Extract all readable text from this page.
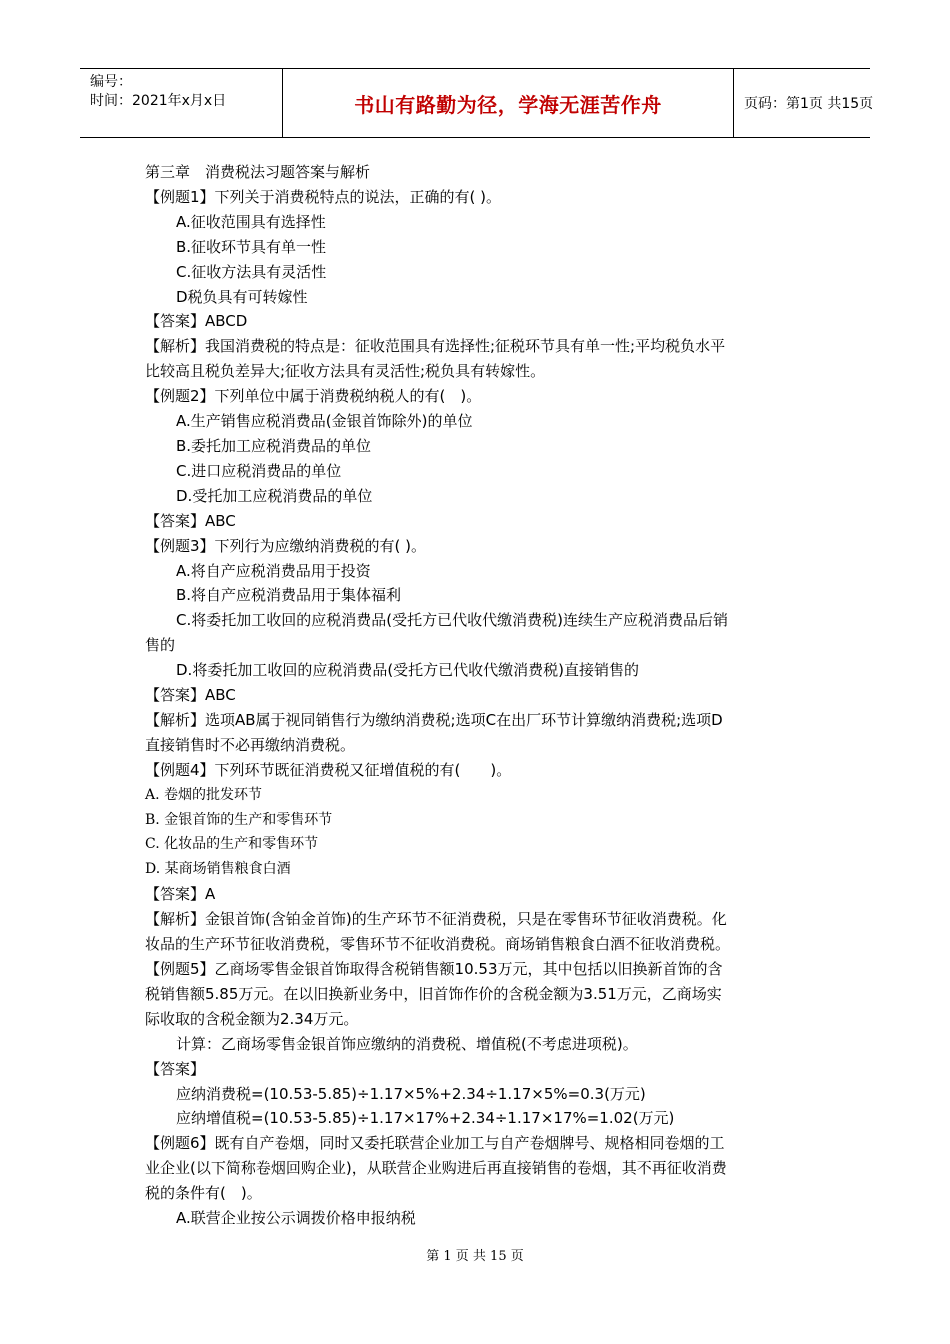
编号：
时间：2021年x月x日	书山有路勤为径，学海无涯苦作舟	页码：第1页 共15页

第三章　消费税法习题答案与解析

【例题1】下列关于消费税特点的说法，正确的有( )。

A.征收范围具有选择性

B.征收环节具有单一性

C.征收方法具有灵活性

D税负具有可转嫁性

【答案】ABCD

【解析】我国消费税的特点是：征收范围具有选择性;征税环节具有单一性;平均税负水平

比较高且税负差异大;征收方法具有灵活性;税负具有转嫁性。

【例题2】下列单位中属于消费税纳税人的有(　)。

A.生产销售应税消费品(金银首饰除外)的单位

B.委托加工应税消费品的单位

C.进口应税消费品的单位

D.受托加工应税消费品的单位

【答案】ABC

【例题3】下列行为应缴纳消费税的有( )。

A.将自产应税消费品用于投资

B.将自产应税消费品用于集体福利

C.将委托加工收回的应税消费品(受托方已代收代缴消费税)连续生产应税消费品后销

售的

D.将委托加工收回的应税消费品(受托方已代收代缴消费税)直接销售的

【答案】ABC

【解析】选项AB属于视同销售行为缴纳消费税;选项C在出厂环节计算缴纳消费税;选项D

直接销售时不必再缴纳消费税。

【例题4】下列环节既征消费税又征增值税的有(　　)。

A. 卷烟的批发环节

B. 金银首饰的生产和零售环节

C. 化妆品的生产和零售环节

D. 某商场销售粮食白酒

【答案】A

【解析】金银首饰(含铂金首饰)的生产环节不征消费税，只是在零售环节征收消费税。化

妆品的生产环节征收消费税，零售环节不征收消费税。商场销售粮食白酒不征收消费税。

【例题5】乙商场零售金银首饰取得含税销售额10.53万元，其中包括以旧换新首饰的含

税销售额5.85万元。在以旧换新业务中，旧首饰作价的含税金额为3.51万元，乙商场实

际收取的含税金额为2.34万元。

计算：乙商场零售金银首饰应缴纳的消费税、增值税(不考虑进项税)。

【答案】

应纳消费税=(10.53-5.85)÷1.17×5%+2.34÷1.17×5%=0.3(万元)

应纳增值税=(10.53-5.85)÷1.17×17%+2.34÷1.17×17%=1.02(万元)

【例题6】既有自产卷烟，同时又委托联营企业加工与自产卷烟牌号、规格相同卷烟的工

业企业(以下简称卷烟回购企业)，从联营企业购进后再直接销售的卷烟，其不再征收消费

税的条件有(　)。

A.联营企业按公示调拨价格申报纳税

第 1 页 共 15 页
